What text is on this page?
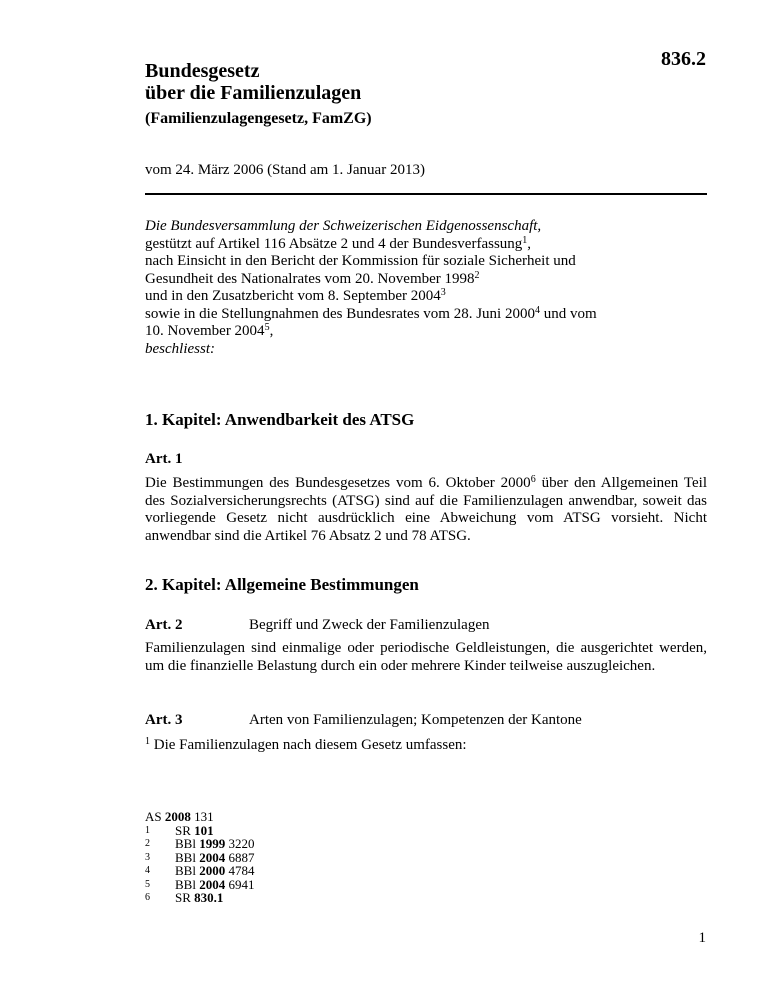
836.2
Bundesgesetz
über die Familienzulagen
(Familienzulagengesetz, FamZG)
vom 24. März 2006 (Stand am 1. Januar 2013)

Die Bundesversammlung der Schweizerischen Eidgenossenschaft,

gestützt auf Artikel 116 Absätze 2 und 4 der Bundesverfassung$^1$,

nach Einsicht in den Bericht der Kommission für soziale Sicherheit und

Gesundheit des Nationalrates vom 20. November 1998$^2$

und in den Zusatzbericht vom 8. September 2004$^3$

sowie in die Stellungnahmen des Bundesrates vom 28. Juni 2000$^4$ und vom

10. November 2004$^5$,

beschliesst:

1. Kapitel: Anwendbarkeit des ATSG
Art. 1

Die Bestimmungen des Bundesgesetzes vom 6. Oktober 2000$^6$ über den Allgemeinen Teil des Sozialversicherungsrechts (ATSG) sind auf die Familienzulagen anwendbar, soweit das vorliegende Gesetz nicht ausdrücklich eine Abweichung vom ATSG vorsieht. Nicht anwendbar sind die Artikel 76 Absatz 2 und 78 ATSG.

2. Kapitel: Allgemeine Bestimmungen
Art. 2	Begriff und Zweck der Familienzulagen

Familienzulagen sind einmalige oder periodische Geldleistungen, die ausgerichtet werden, um die finanzielle Belastung durch ein oder mehrere Kinder teilweise auszugleichen.

Art. 3	Arten von Familienzulagen; Kompetenzen der Kantone

$^1$ Die Familienzulagen nach diesem Gesetz umfassen:

AS 2008 131
1	SR 101
2	BBl 1999 3220
3	BBl 2004 6887
4	BBl 2000 4784
5	BBl 2004 6941
6	SR 830.1
1
